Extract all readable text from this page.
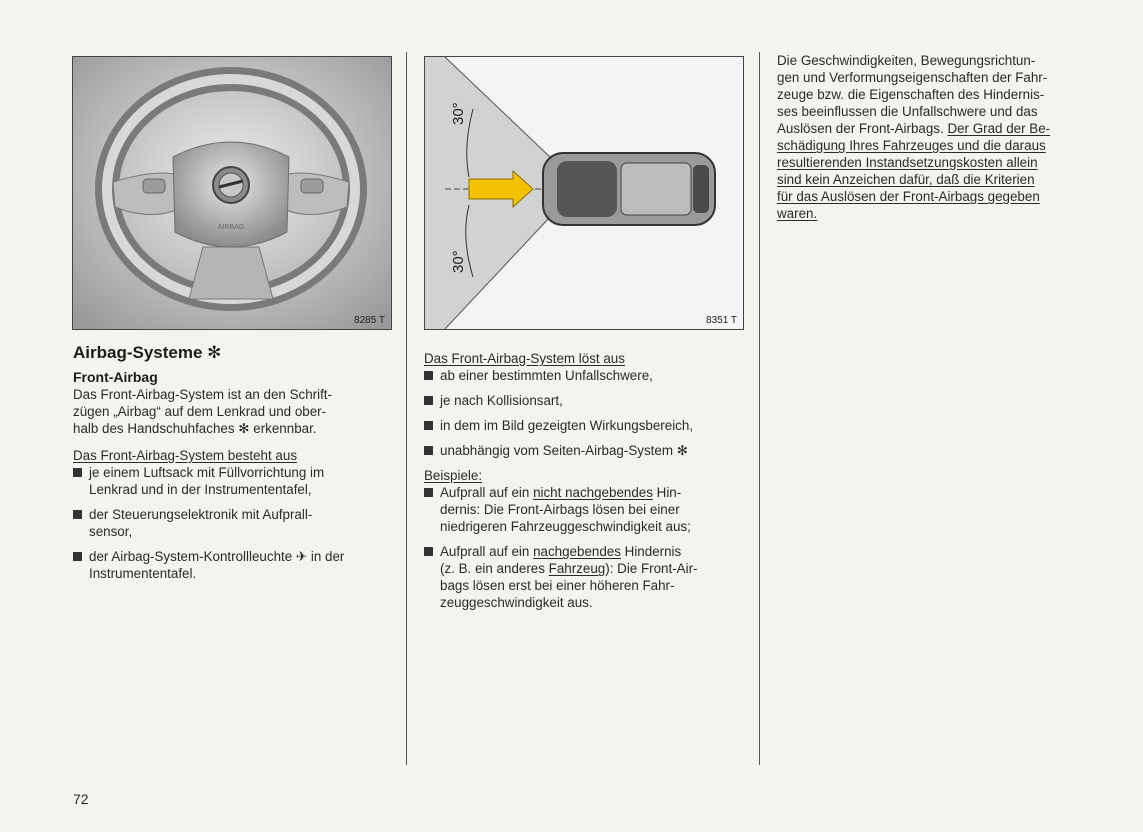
AIRBAG
8285 T
30°
30°
8351 T
Airbag-Systeme ✻
Front-Airbag

Das Front-Airbag-System ist an den Schrift-

zügen „Airbag“ auf dem Lenkrad und ober-

halb des Handschuhfaches ✻ erkennbar.

Das Front-Airbag-System besteht aus

je einem Luftsack mit Füllvorrichtung im
Lenkrad und in der Instrumententafel,
der Steuerungselektronik mit Aufprall-
sensor,
der Airbag-System-Kontrollleuchte ✈ in der
Instrumententafel.

Das Front-Airbag-System löst aus

ab einer bestimmten Unfallschwere,
je nach Kollisionsart,
in dem im Bild gezeigten Wirkungsbereich,
unabhängig vom Seiten-Airbag-System ✻

Beispiele:

Aufprall auf ein nicht nachgebendes Hin-
dernis: Die Front-Airbags lösen bei einer
niedrigeren Fahrzeuggeschwindigkeit aus;
Aufprall auf ein nachgebendes Hindernis
(z. B. ein anderes Fahrzeug): Die Front-Air-
bags lösen erst bei einer höheren Fahr-
zeuggeschwindigkeit aus.

Die Geschwindigkeiten, Bewegungsrichtun-

gen und Verformungseigenschaften der Fahr-

zeuge bzw. die Eigenschaften des Hindernis-

ses beeinflussen die Unfallschwere und das

Auslösen der Front-Airbags. Der Grad der Be-

schädigung Ihres Fahrzeuges und die daraus

resultierenden Instandsetzungskosten allein

sind kein Anzeichen dafür, daß die Kriterien

für das Auslösen der Front-Airbags gegeben

waren.

72
